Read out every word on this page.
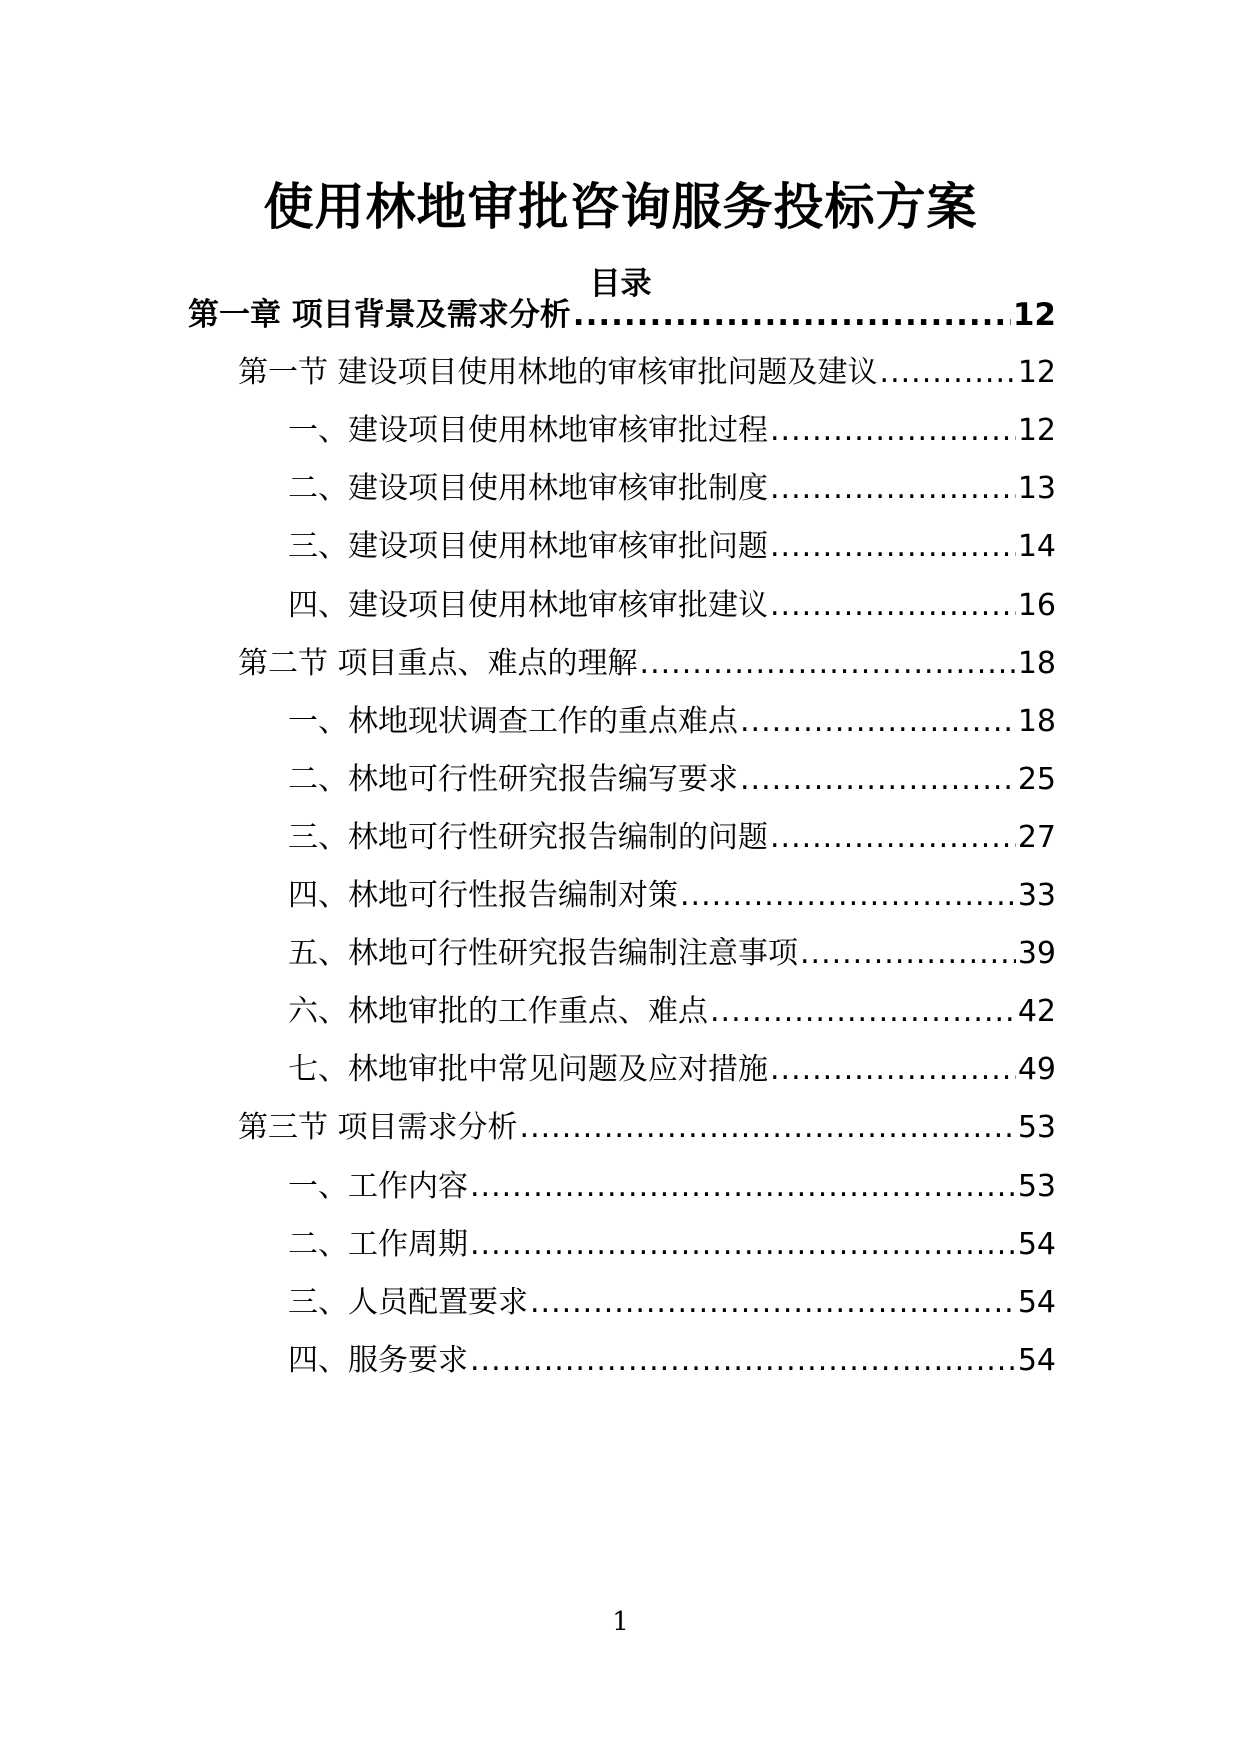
使用林地审批咨询服务投标方案
目录
第一章 项目背景及需求分析 .....	12
第一节 建设项目使用林地的审核审批问题及建议 .....	12
一、建设项目使用林地审核审批过程 .....	12
二、建设项目使用林地审核审批制度 .....	13
三、建设项目使用林地审核审批问题 .....	14
四、建设项目使用林地审核审批建议 .....	16
第二节 项目重点、难点的理解 .....	18
一、林地现状调查工作的重点难点 .....	18
二、林地可行性研究报告编写要求 .....	25
三、林地可行性研究报告编制的问题 .....	27
四、林地可行性报告编制对策 .....	33
五、林地可行性研究报告编制注意事项 .....	39
六、林地审批的工作重点、难点 .....	42
七、林地审批中常见问题及应对措施 .....	49
第三节 项目需求分析 .....	53
一、工作内容 .....	53
二、工作周期 .....	54
三、人员配置要求 .....	54
四、服务要求 .....	54
1
